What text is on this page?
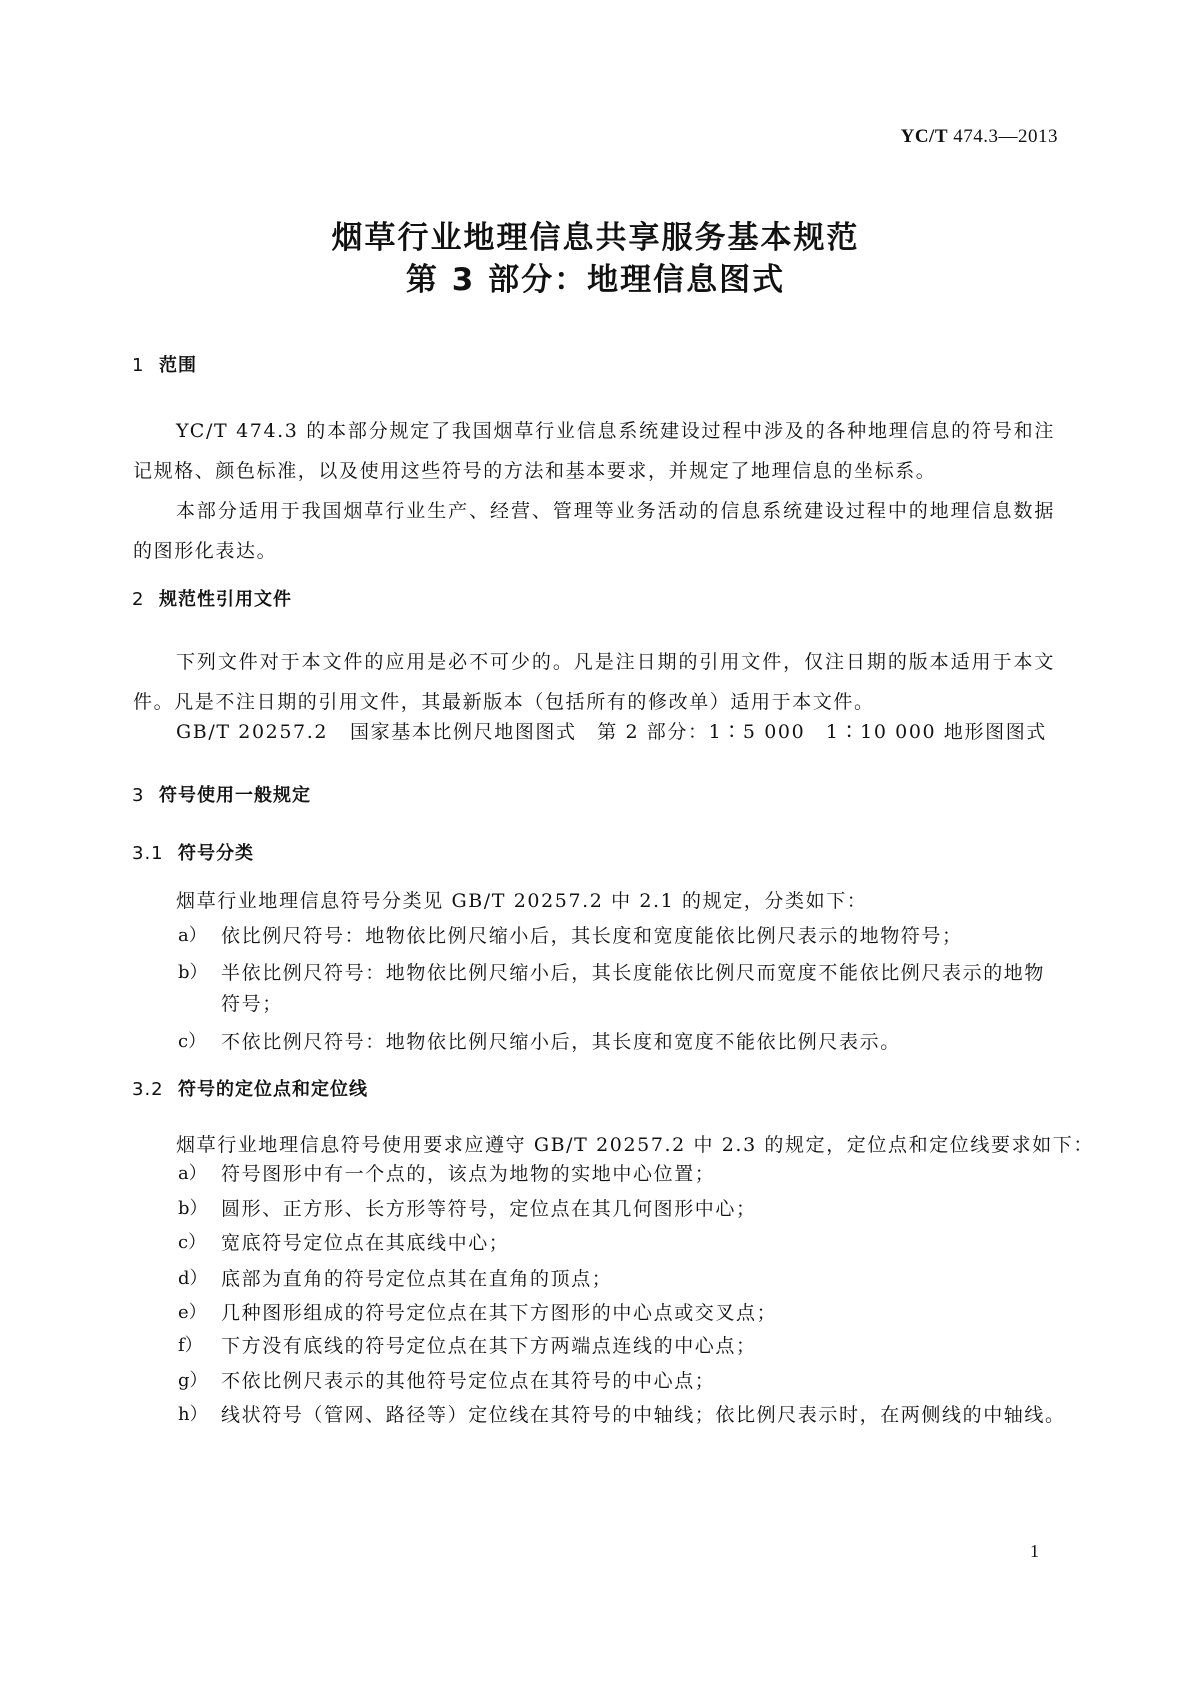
YC/T 474.3—2013
烟草行业地理信息共享服务基本规范
第 3 部分：地理信息图式
1 范围

YC/T 474.3 的本部分规定了我国烟草行业信息系统建设过程中涉及的各种地理信息的符号和注记规格、颜色标准，以及使用这些符号的方法和基本要求，并规定了地理信息的坐标系。

本部分适用于我国烟草行业生产、经营、管理等业务活动的信息系统建设过程中的地理信息数据的图形化表达。

2 规范性引用文件

下列文件对于本文件的应用是必不可少的。凡是注日期的引用文件，仅注日期的版本适用于本文件。凡是不注日期的引用文件，其最新版本（包括所有的修改单）适用于本文件。

GB/T 20257.2 国家基本比例尺地图图式　第 2 部分：1∶5 000　1∶10 000 地形图图式
3 符号使用一般规定
3.1 符号分类
烟草行业地理信息符号分类见 GB/T 20257.2 中 2.1 的规定，分类如下：
a） 依比例尺符号：地物依比例尺缩小后，其长度和宽度能依比例尺表示的地物符号；
b） 半依比例尺符号：地物依比例尺缩小后，其长度能依比例尺而宽度不能依比例尺表示的地物
符号；
c） 不依比例尺符号：地物依比例尺缩小后，其长度和宽度不能依比例尺表示。
3.2 符号的定位点和定位线
烟草行业地理信息符号使用要求应遵守 GB/T 20257.2 中 2.3 的规定，定位点和定位线要求如下：
a） 符号图形中有一个点的，该点为地物的实地中心位置；
b） 圆形、正方形、长方形等符号，定位点在其几何图形中心；
c） 宽底符号定位点在其底线中心；
d） 底部为直角的符号定位点其在直角的顶点；
e） 几种图形组成的符号定位点在其下方图形的中心点或交叉点；
f） 下方没有底线的符号定位点在其下方两端点连线的中心点；
g） 不依比例尺表示的其他符号定位点在其符号的中心点；
h） 线状符号（管网、路径等）定位线在其符号的中轴线；依比例尺表示时，在两侧线的中轴线。
1
